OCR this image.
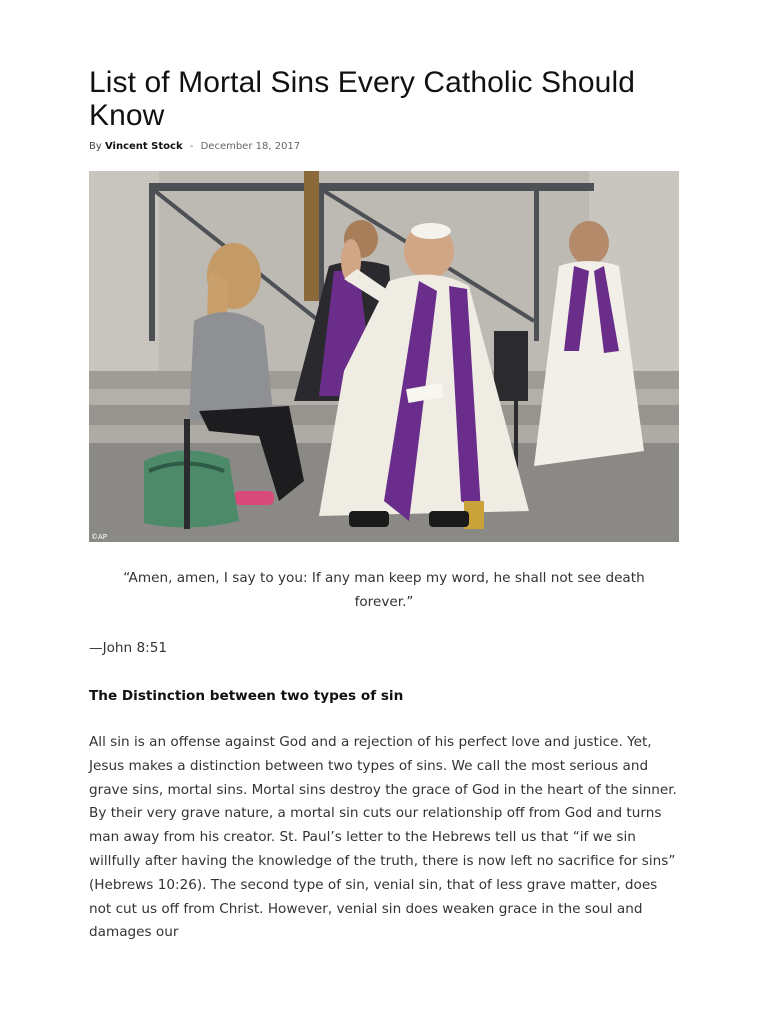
List of Mortal Sins Every Catholic Should Know
By Vincent Stock - December 18, 2017
©AP
“Amen, amen, I say to you: If any man keep my word, he shall not see death forever.”
—John 8:51
The Distinction between two types of sin
All sin is an offense against God and a rejection of his perfect love and justice. Yet, Jesus makes a distinction between two types of sins. We call the most serious and grave sins, mortal sins. Mortal sins destroy the grace of God in the heart of the sinner. By their very grave nature, a mortal sin cuts our relationship off from God and turns man away from his creator. St. Paul’s letter to the Hebrews tell us that “if we sin willfully after having the knowledge of the truth, there is now left no sacrifice for sins” (Hebrews 10:26). The second type of sin, venial sin, that of less grave matter, does not cut us off from Christ. However, venial sin does weaken grace in the soul and damages our
